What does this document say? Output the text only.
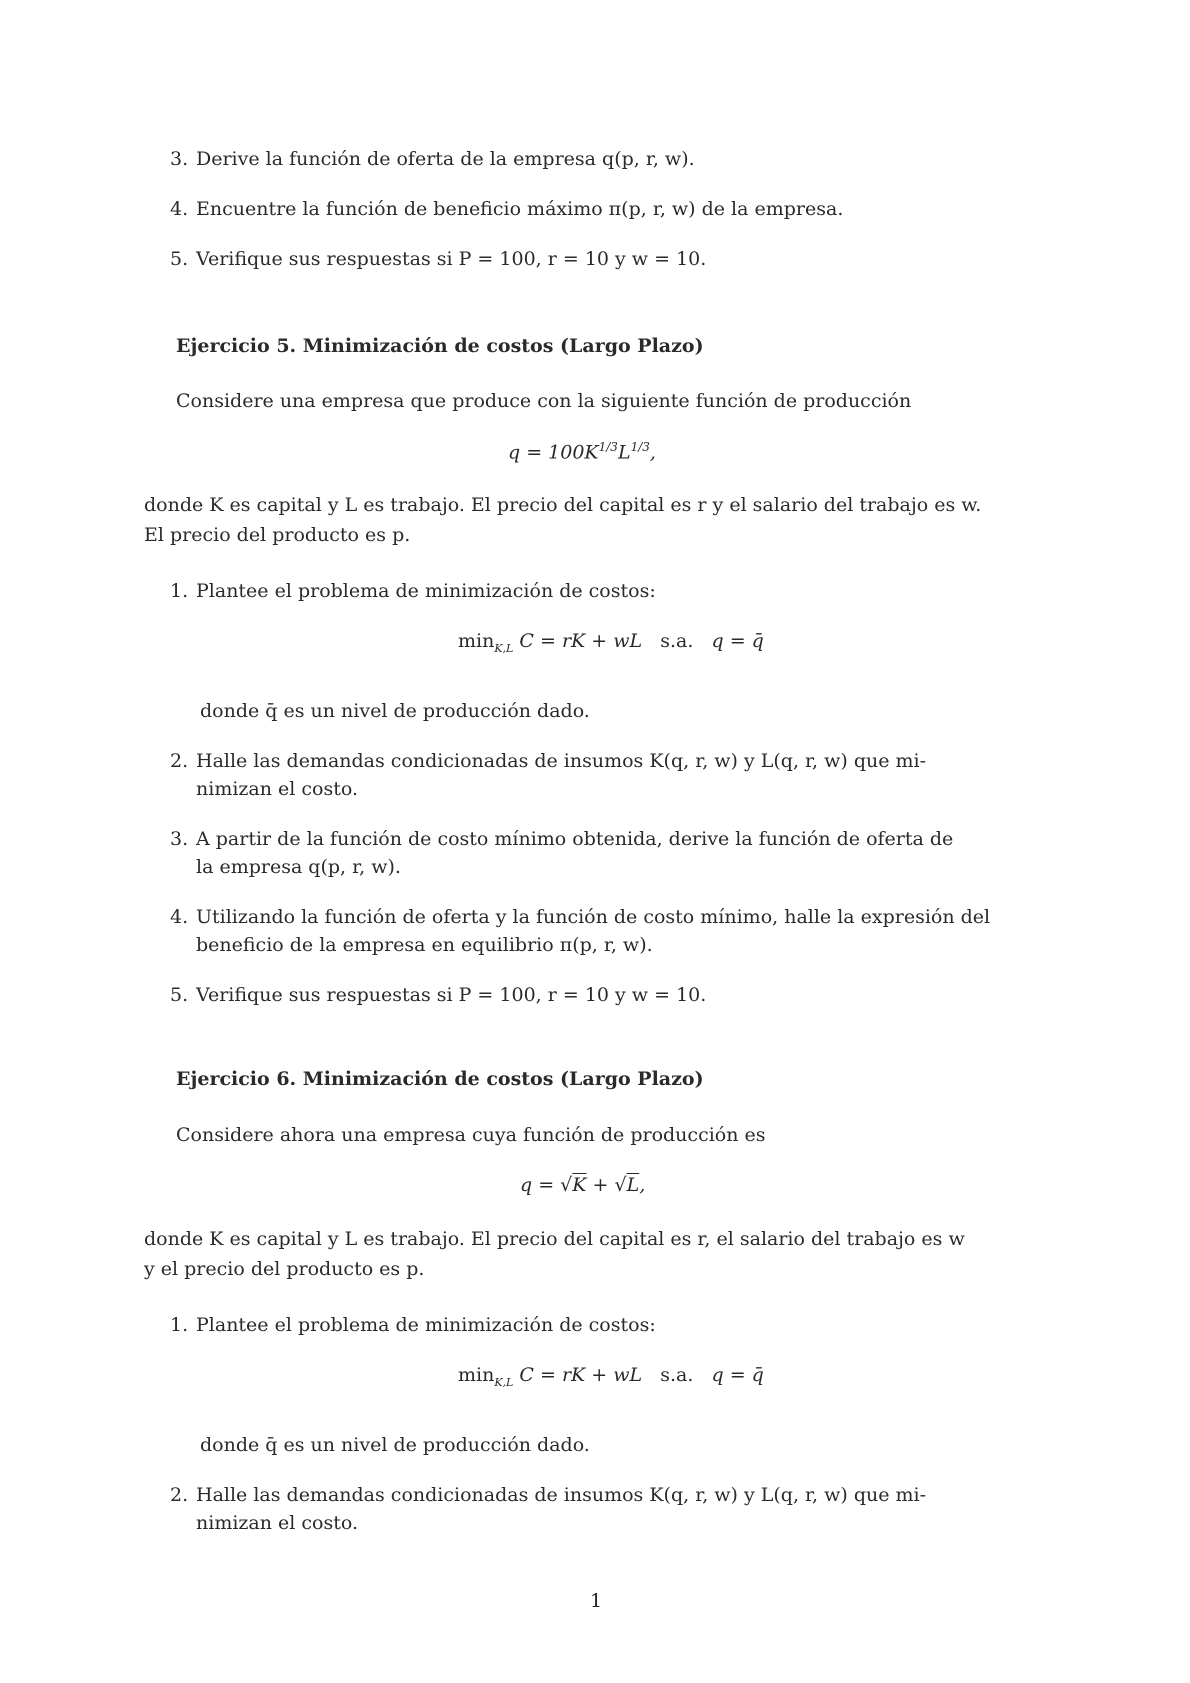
3. Derive la función de oferta de la empresa q(p, r, w).
4. Encuentre la función de beneficio máximo π(p, r, w) de la empresa.
5. Verifique sus respuestas si P = 100, r = 10 y w = 10.
Ejercicio 5. Minimización de costos (Largo Plazo)
Considere una empresa que produce con la siguiente función de producción
$q = 100K^{1/3}L^{1/3}$,
donde K es capital y L es trabajo. El precio del capital es r y el salario del trabajo es w.
El precio del producto es p.
1. Plantee el problema de minimización de costos:
$\min_{K,L} C$ = rK + wL   s.a.   q = q̄
donde q̄ es un nivel de producción dado.
2. Halle las demandas condicionadas de insumos K(q, r, w) y L(q, r, w) que mi-
nimizan el costo.
3. A partir de la función de costo mínimo obtenida, derive la función de oferta de
la empresa q(p, r, w).
4. Utilizando la función de oferta y la función de costo mínimo, halle la expresión del
beneficio de la empresa en equilibrio π(p, r, w).
5. Verifique sus respuestas si P = 100, r = 10 y w = 10.
Ejercicio 6. Minimización de costos (Largo Plazo)
Considere ahora una empresa cuya función de producción es
q = √K + √L,
donde K es capital y L es trabajo. El precio del capital es r, el salario del trabajo es w
y el precio del producto es p.
1. Plantee el problema de minimización de costos:
$\min_{K,L} C$ = rK + wL   s.a.   q = q̄
donde q̄ es un nivel de producción dado.
2. Halle las demandas condicionadas de insumos K(q, r, w) y L(q, r, w) que mi-
nimizan el costo.
1
